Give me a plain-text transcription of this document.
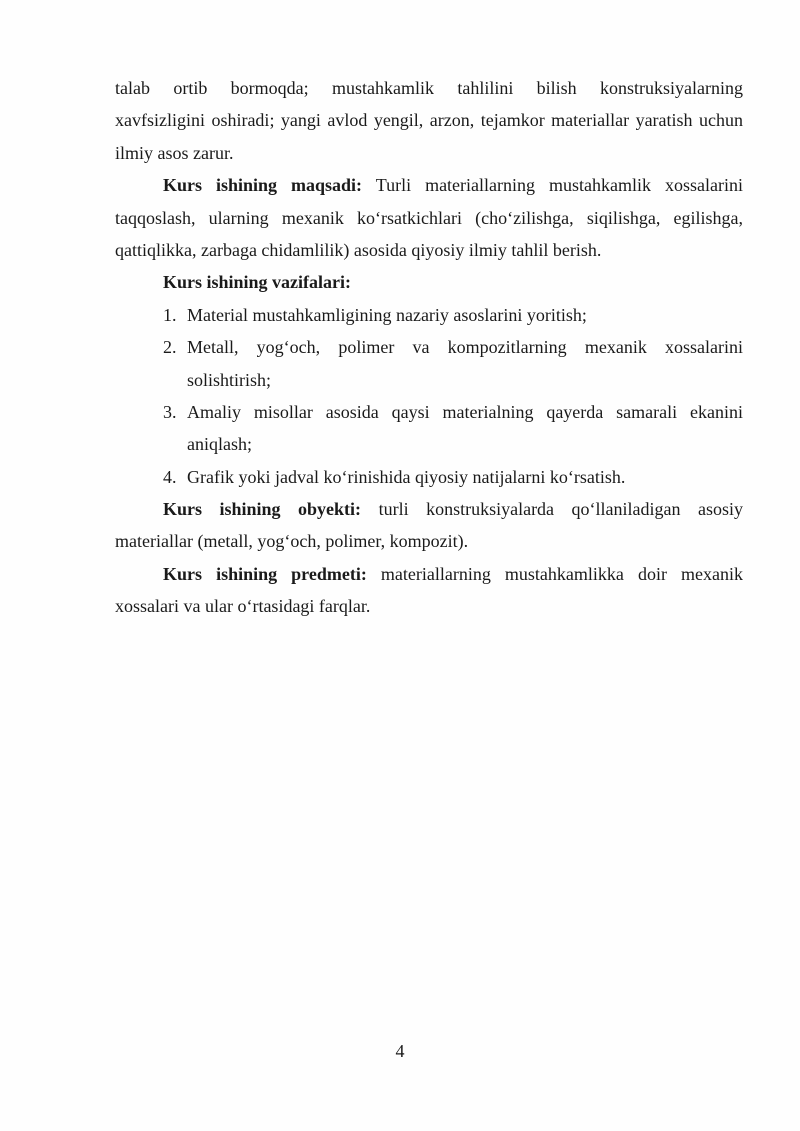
talab ortib bormoqda; mustahkamlik tahlilini bilish konstruksiyalarning
xavfsizligini oshiradi; yangi avlod yengil, arzon, tejamkor materiallar yaratish uchun
ilmiy asos zarur.
Kurs ishining maqsadi: Turli materiallarning mustahkamlik xossalarini
taqqoslash, ularning mexanik ko‘rsatkichlari (cho‘zilishga, siqilishga, egilishga,
qattiqlikka, zarbaga chidamlilik) asosida qiyosiy ilmiy tahlil berish.
Kurs ishining vazifalari:
1. Material mustahkamligining nazariy asoslarini yoritish;
2. Metall, yog‘och, polimer va kompozitlarning mexanik xossalarini
solishtirish;
3. Amaliy misollar asosida qaysi materialning qayerda samarali ekanini
aniqlash;
4. Grafik yoki jadval ko‘rinishida qiyosiy natijalarni ko‘rsatish.
Kurs ishining obyekti: turli konstruksiyalarda qo‘llaniladigan asosiy
materiallar (metall, yog‘och, polimer, kompozit).
Kurs ishining predmeti: materiallarning mustahkamlikka doir mexanik
xossalari va ular o‘rtasidagi farqlar.
4
